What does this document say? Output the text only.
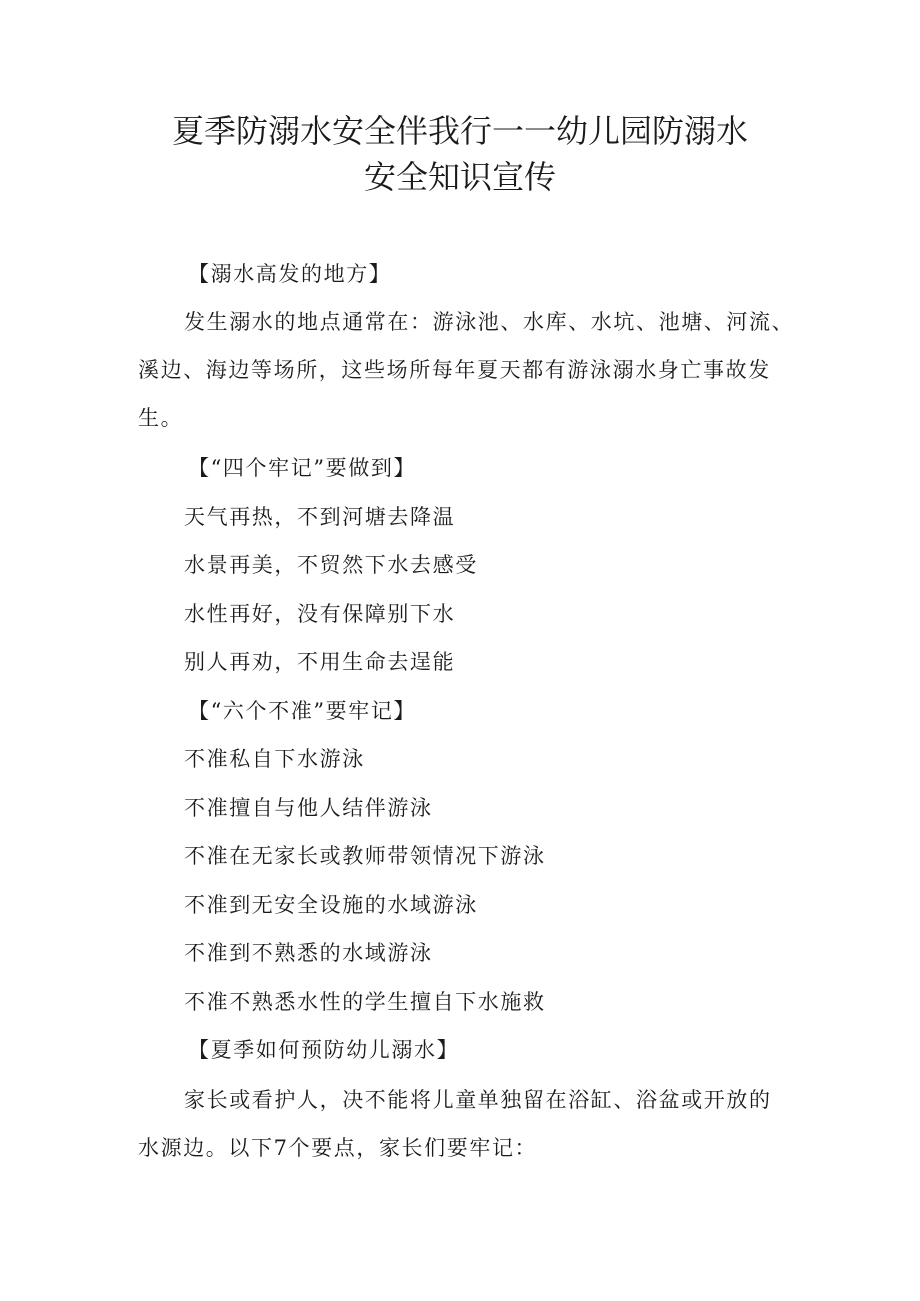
夏季防溺水安全伴我行一一幼儿园防溺水
安全知识宣传
【溺水高发的地方】
发生溺水的地点通常在：游泳池、水库、水坑、池塘、河流、
溪边、海边等场所，这些场所每年夏天都有游泳溺水身亡事故发
生。
【“四个牢记”要做到】
天气再热，不到河塘去降温
水景再美，不贸然下水去感受
水性再好，没有保障别下水
别人再劝，不用生命去逞能
【“六个不准”要牢记】
不准私自下水游泳
不准擅自与他人结伴游泳
不准在无家长或教师带领情况下游泳
不准到无安全设施的水域游泳
不准到不熟悉的水域游泳
不准不熟悉水性的学生擅自下水施救
【夏季如何预防幼儿溺水】
家长或看护人，决不能将儿童单独留在浴缸、浴盆或开放的
水源边。以下7个要点，家长们要牢记：
